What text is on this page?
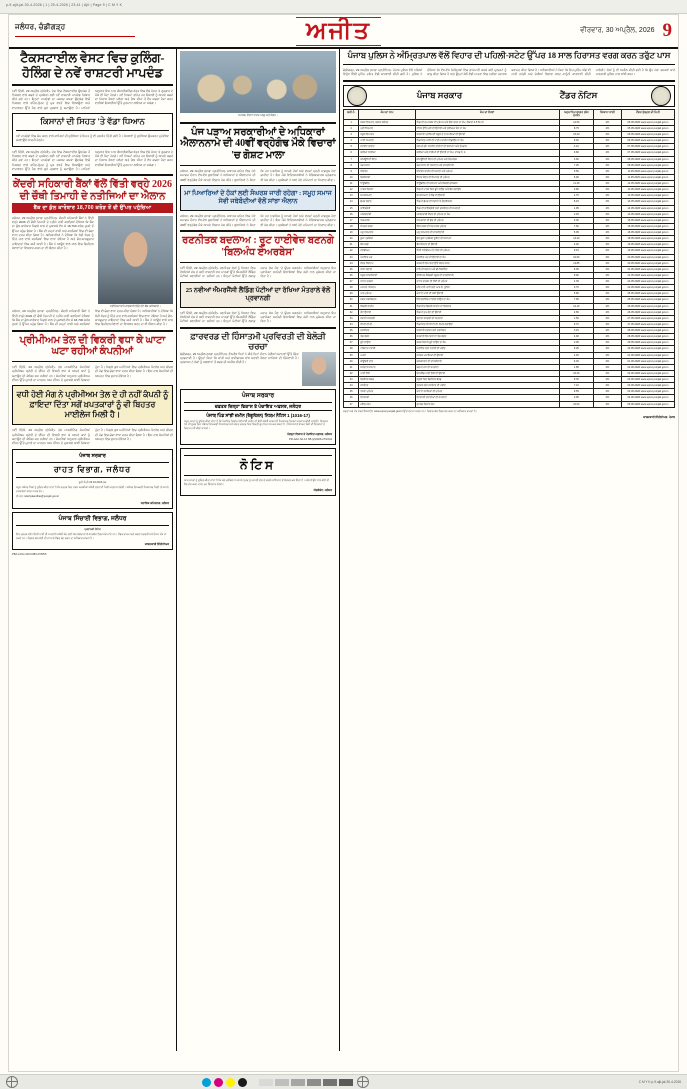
p-9-ajit-jal-30-4-2026 | 1 | 29-4-2026 | 23:41 | Ajit | Page 9 | C M Y K
ਜਲੰਧਰ, ਚੰਡੀਗੜ੍ਹ	ਅਜੀਤ	ਵੀਰਵਾਰ, 30 ਅਪ੍ਰੈਲ, 2026 9
ਟੈਕਸਟਾਈਲ ਵੇਸਟ ਵਿਚ ਕੁਲਿੰਗ-ਹੋਲਿੰਗ ਦੇ ਨਵੇਂ ਰਾਸ਼ਟਰੀ ਮਾਪਦੰਡ
ਨਵੀਂ ਦਿੱਲੀ, 29 ਅਪ੍ਰੈਲ (ਏਜੰਸੀ)- ਦੇਸ਼ ਵਿਚ ਟੈਕਸਟਾਈਲ ਉਦਯੋਗ ਤੋਂ ਨਿਕਲਣ ਵਾਲੇ ਕਚਰੇ ਦੇ ਪ੍ਰਬੰਧਨ ਲਈ ਨਵੇਂ ਰਾਸ਼ਟਰੀ ਮਾਪਦੰਡ ਤਿਆਰ ਕੀਤੇ ਗਏ ਹਨ। ਇਨ੍ਹਾਂ ਮਾਪਦੰਡਾਂ ਦਾ ਮਕਸਦ ਕਪੜਾ ਉਦਯੋਗ ਵਿਚੋਂ ਨਿਕਲਣ ਵਾਲੇ ਰਹਿੰਦ-ਖੂੰਹਦ ਨੂੰ ਮੁੜ ਵਰਤੋਂ ਵਿਚ ਲਿਆਉਣਾ ਅਤੇ ਵਾਤਾਵਰਨ ਉੱਤੇ ਪੈਣ ਵਾਲੇ ਬੁਰੇ ਪ੍ਰਭਾਵ ਨੂੰ ਘਟਾਉਣਾ ਹੈ। ਮਾਹਿਰਾਂ ਅਨੁਸਾਰ ਇਸ ਨਾਲ ਰੀਸਾਈਕਲਿੰਗ ਖੇਤਰ ਵਿਚ ਵੱਡੇ ਪੱਧਰ 'ਤੇ ਰੁਜ਼ਗਾਰ ਦੇ ਮੌਕੇ ਵੀ ਪੈਦਾ ਹੋਣਗੇ। ਨਵੇਂ ਨਿਯਮਾਂ ਤਹਿਤ ਹਰ ਇਕਾਈ ਨੂੰ ਆਪਣੇ ਕਚਰੇ ਦਾ ਹਿਸਾਬ ਰੱਖਣਾ ਪਵੇਗਾ ਅਤੇ ਤੈਅ ਸੀਮਾ ਤੋਂ ਵੱਧ ਕਚਰਾ ਪੈਦਾ ਕਰਨ ਵਾਲੀਆਂ ਇਕਾਈਆਂ ਉੱਤੇ ਜੁਰਮਾਨਾ ਲਾਇਆ ਜਾ ਸਕੇਗਾ।
ਕਿਸਾਨਾਂ ਦੀ ਸਿਹਤ 'ਤੇ ਵੱਡਾ ਧਿਆਨ
ਨਵੇਂ ਮਾਪਦੰਡਾਂ ਵਿਚ ਕੰਮ ਕਰਨ ਵਾਲੇ ਕਾਮਿਆਂ ਦੀ ਸੁਰੱਖਿਆ ਤੇ ਸਿਹਤ ਨੂੰ ਵੀ ਤਰਜੀਹ ਦਿੱਤੀ ਗਈ ਹੈ। ਸੰਸਥਾਵਾਂ ਨੂੰ ਸੁਰੱਖਿਆ ਉਪਕਰਨ ਮੁਹੱਈਆ ਕਰਵਾਉਣੇ ਲਾਜ਼ਮੀ ਹੋਣਗੇ।
ਨਵੀਂ ਦਿੱਲੀ, 29 ਅਪ੍ਰੈਲ (ਏਜੰਸੀ)- ਦੇਸ਼ ਵਿਚ ਟੈਕਸਟਾਈਲ ਉਦਯੋਗ ਤੋਂ ਨਿਕਲਣ ਵਾਲੇ ਕਚਰੇ ਦੇ ਪ੍ਰਬੰਧਨ ਲਈ ਨਵੇਂ ਰਾਸ਼ਟਰੀ ਮਾਪਦੰਡ ਤਿਆਰ ਕੀਤੇ ਗਏ ਹਨ। ਇਨ੍ਹਾਂ ਮਾਪਦੰਡਾਂ ਦਾ ਮਕਸਦ ਕਪੜਾ ਉਦਯੋਗ ਵਿਚੋਂ ਨਿਕਲਣ ਵਾਲੇ ਰਹਿੰਦ-ਖੂੰਹਦ ਨੂੰ ਮੁੜ ਵਰਤੋਂ ਵਿਚ ਲਿਆਉਣਾ ਅਤੇ ਵਾਤਾਵਰਨ ਉੱਤੇ ਪੈਣ ਵਾਲੇ ਬੁਰੇ ਪ੍ਰਭਾਵ ਨੂੰ ਘਟਾਉਣਾ ਹੈ। ਮਾਹਿਰਾਂ ਅਨੁਸਾਰ ਇਸ ਨਾਲ ਰੀਸਾਈਕਲਿੰਗ ਖੇਤਰ ਵਿਚ ਵੱਡੇ ਪੱਧਰ 'ਤੇ ਰੁਜ਼ਗਾਰ ਦੇ ਮੌਕੇ ਵੀ ਪੈਦਾ ਹੋਣਗੇ। ਨਵੇਂ ਨਿਯਮਾਂ ਤਹਿਤ ਹਰ ਇਕਾਈ ਨੂੰ ਆਪਣੇ ਕਚਰੇ ਦਾ ਹਿਸਾਬ ਰੱਖਣਾ ਪਵੇਗਾ ਅਤੇ ਤੈਅ ਸੀਮਾ ਤੋਂ ਵੱਧ ਕਚਰਾ ਪੈਦਾ ਕਰਨ ਵਾਲੀਆਂ ਇਕਾਈਆਂ ਉੱਤੇ ਜੁਰਮਾਨਾ ਲਾਇਆ ਜਾ ਸਕੇਗਾ।
ਕੇਂਦਰੀ ਸਹਿਕਾਰੀ ਬੈਂਕਾਂ ਵੱਲੋਂ ਵਿੱਤੀ ਵਰ੍ਹੇ 2026 ਦੀ ਚੌਥੀ ਤਿਮਾਹੀ ਦੇ ਨਤੀਜਿਆਂ ਦਾ ਐਲਾਨ
ਬੈਂਕ ਦਾ ਕੁੱਲ ਕਾਰੋਬਾਰ 18,700 ਕਰੋੜ ਤੋਂ ਵੀ ਉੱਪਰ ਪਹੁੰਚਿਆ
ਜਲੰਧਰ, 29 ਅਪ੍ਰੈਲ (ਸਾਡਾ ਪ੍ਰਤੀਨਿਧ)- ਕੇਂਦਰੀ ਸਹਿਕਾਰੀ ਬੈਂਕਾਂ ਨੇ ਵਿੱਤੀ ਵਰ੍ਹੇ 2026 ਦੀ ਚੌਥੀ ਤਿਮਾਹੀ ਦੇ ਨਤੀਜੇ ਜਾਰੀ ਕਰਦਿਆਂ ਦੱਸਿਆ ਕਿ ਬੈਂਕ ਦਾ ਕੁੱਲ ਕਾਰੋਬਾਰ ਪਿਛਲੇ ਸਾਲ ਦੇ ਮੁਕਾਬਲੇ ਵੱਧ ਕੇ 18,700 ਕਰੋੜ ਰੁਪਏ ਤੋਂ ਉੱਪਰ ਪਹੁੰਚ ਗਿਆ ਹੈ। ਬੈਂਕ ਦੀ ਜਮ੍ਹਾਂ ਰਾਸ਼ੀ ਅਤੇ ਕਰਜ਼ਿਆਂ ਵਿਚ ਵੀ ਚੰਗਾ ਵਾਧਾ ਦਰਜ ਕੀਤਾ ਗਿਆ ਹੈ। ਅਧਿਕਾਰੀਆਂ ਨੇ ਦੱਸਿਆ ਕਿ ਖੇਤੀ ਖੇਤਰ ਨੂੰ ਦਿੱਤੇ ਜਾਣ ਵਾਲੇ ਕਰਜ਼ਿਆਂ ਵਿਚ ਵਾਧਾ ਹੋਇਆ ਹੈ ਅਤੇ ਗੈਰ-ਕਾਰਗੁਜ਼ਾਰ ਜਾਇਦਾਦਾਂ ਵਿਚ ਕਮੀ ਆਈ ਹੈ। ਬੈਂਕ ਨੇ ਆਉਣ ਵਾਲੇ ਸਾਲ ਵਿਚ ਡਿਜੀਟਲ ਸੇਵਾਵਾਂ ਦਾ ਵਿਸਥਾਰ ਕਰਨ ਦਾ ਵੀ ਐਲਾਨ ਕੀਤਾ ਹੈ।
ਨਤੀਜਿਆਂ ਬਾਰੇ ਜਾਣਕਾਰੀ ਦਿੰਦੇ ਹੋਏ ਬੈਂਕ ਅਧਿਕਾਰੀ।
ਜਲੰਧਰ, 29 ਅਪ੍ਰੈਲ (ਸਾਡਾ ਪ੍ਰਤੀਨਿਧ)- ਕੇਂਦਰੀ ਸਹਿਕਾਰੀ ਬੈਂਕਾਂ ਨੇ ਵਿੱਤੀ ਵਰ੍ਹੇ 2026 ਦੀ ਚੌਥੀ ਤਿਮਾਹੀ ਦੇ ਨਤੀਜੇ ਜਾਰੀ ਕਰਦਿਆਂ ਦੱਸਿਆ ਕਿ ਬੈਂਕ ਦਾ ਕੁੱਲ ਕਾਰੋਬਾਰ ਪਿਛਲੇ ਸਾਲ ਦੇ ਮੁਕਾਬਲੇ ਵੱਧ ਕੇ 18,700 ਕਰੋੜ ਰੁਪਏ ਤੋਂ ਉੱਪਰ ਪਹੁੰਚ ਗਿਆ ਹੈ। ਬੈਂਕ ਦੀ ਜਮ੍ਹਾਂ ਰਾਸ਼ੀ ਅਤੇ ਕਰਜ਼ਿਆਂ ਵਿਚ ਵੀ ਚੰਗਾ ਵਾਧਾ ਦਰਜ ਕੀਤਾ ਗਿਆ ਹੈ। ਅਧਿਕਾਰੀਆਂ ਨੇ ਦੱਸਿਆ ਕਿ ਖੇਤੀ ਖੇਤਰ ਨੂੰ ਦਿੱਤੇ ਜਾਣ ਵਾਲੇ ਕਰਜ਼ਿਆਂ ਵਿਚ ਵਾਧਾ ਹੋਇਆ ਹੈ ਅਤੇ ਗੈਰ-ਕਾਰਗੁਜ਼ਾਰ ਜਾਇਦਾਦਾਂ ਵਿਚ ਕਮੀ ਆਈ ਹੈ। ਬੈਂਕ ਨੇ ਆਉਣ ਵਾਲੇ ਸਾਲ ਵਿਚ ਡਿਜੀਟਲ ਸੇਵਾਵਾਂ ਦਾ ਵਿਸਥਾਰ ਕਰਨ ਦਾ ਵੀ ਐਲਾਨ ਕੀਤਾ ਹੈ।
ਪ੍ਰੀਮੀਅਮ ਤੇਲ ਦੀ ਵਿਕਰੀ ਵਧਾ ਕੇ ਘਾਟਾ ਘਟਾ ਰਹੀਆਂ ਕੰਪਨੀਆਂ
ਨਵੀਂ ਦਿੱਲੀ, 29 ਅਪ੍ਰੈਲ (ਏਜੰਸੀ)- ਤੇਲ ਮਾਰਕੀਟਿੰਗ ਕੰਪਨੀਆਂ ਪ੍ਰੀਮੀਅਮ ਸ਼੍ਰੇਣੀ ਦੇ ਈਂਧਨ ਦੀ ਵਿਕਰੀ ਵਧਾ ਕੇ ਆਪਣੇ ਘਾਟੇ ਨੂੰ ਘਟਾਉਣ ਦੀ ਕੋਸ਼ਿਸ਼ ਕਰ ਰਹੀਆਂ ਹਨ। ਕੰਪਨੀਆਂ ਅਨੁਸਾਰ ਪ੍ਰੀਮੀਅਮ ਈਂਧਨ ਉੱਤੇ ਮੁਨਾਫ਼ੇ ਦਾ ਮਾਰਜਨ ਆਮ ਈਂਧਨ ਦੇ ਮੁਕਾਬਲੇ ਕਾਫੀ ਜ਼ਿਆਦਾ ਹੁੰਦਾ ਹੈ। ਪਿਛਲੇ ਕੁਝ ਮਹੀਨਿਆਂ ਵਿਚ ਪ੍ਰੀਮੀਅਮ ਪੈਟਰੋਲ ਅਤੇ ਡੀਜ਼ਲ ਦੀ ਮੰਗ ਵਿਚ ਚੰਗਾ ਵਾਧਾ ਦਰਜ ਕੀਤਾ ਗਿਆ ਹੈ। ਇਸ ਨਾਲ ਕੰਪਨੀਆਂ ਦੀ ਆਮਦਨ ਵਿਚ ਸੁਧਾਰ ਹੋਇਆ ਹੈ।
ਵਧੀ ਹੋਈ ਮੰਗ ਨੇ ਪ੍ਰੀਮੀਅਮ ਤੇਲ ਦੇ ਹੀ ਨਹੀਂ ਕੰਪਨੀ ਨੂੰ ਫ਼ਾਇਦਾ ਦਿੱਤਾ ਸਗੋਂ ਖ਼ਪਤਕਾਰਾਂ ਨੂੰ ਵੀ ਬਿਹਤਰ ਮਾਈਲੇਜ ਮਿਲੀ ਹੈ।
ਨਵੀਂ ਦਿੱਲੀ, 29 ਅਪ੍ਰੈਲ (ਏਜੰਸੀ)- ਤੇਲ ਮਾਰਕੀਟਿੰਗ ਕੰਪਨੀਆਂ ਪ੍ਰੀਮੀਅਮ ਸ਼੍ਰੇਣੀ ਦੇ ਈਂਧਨ ਦੀ ਵਿਕਰੀ ਵਧਾ ਕੇ ਆਪਣੇ ਘਾਟੇ ਨੂੰ ਘਟਾਉਣ ਦੀ ਕੋਸ਼ਿਸ਼ ਕਰ ਰਹੀਆਂ ਹਨ। ਕੰਪਨੀਆਂ ਅਨੁਸਾਰ ਪ੍ਰੀਮੀਅਮ ਈਂਧਨ ਉੱਤੇ ਮੁਨਾਫ਼ੇ ਦਾ ਮਾਰਜਨ ਆਮ ਈਂਧਨ ਦੇ ਮੁਕਾਬਲੇ ਕਾਫੀ ਜ਼ਿਆਦਾ ਹੁੰਦਾ ਹੈ। ਪਿਛਲੇ ਕੁਝ ਮਹੀਨਿਆਂ ਵਿਚ ਪ੍ਰੀਮੀਅਮ ਪੈਟਰੋਲ ਅਤੇ ਡੀਜ਼ਲ ਦੀ ਮੰਗ ਵਿਚ ਚੰਗਾ ਵਾਧਾ ਦਰਜ ਕੀਤਾ ਗਿਆ ਹੈ। ਇਸ ਨਾਲ ਕੰਪਨੀਆਂ ਦੀ ਆਮਦਨ ਵਿਚ ਸੁਧਾਰ ਹੋਇਆ ਹੈ।
ਪੰਜਾਬ ਸਰਕਾਰ
ਰਾਹਤ ਵਿਭਾਗ, ਜਲੰਧਰ
ਸੂਚੀ ਮਿਤੀ 29.04.2026 ਤੱਕ
ਸਮੂਹ ਸਬੰਧਤ ਧਿਰਾਂ ਨੂੰ ਸੂਚਿਤ ਕੀਤਾ ਜਾਂਦਾ ਹੈ ਕਿ ਦਫ਼ਤਰ ਵਿਚ ਦਰਜ ਅਰਜ਼ੀਆਂ ਸਬੰਧੀ ਸੁਣਵਾਈ ਮਿਤੀ ਅਨੁਸਾਰ ਹੋਵੇਗੀ। ਸਬੰਧਤ ਵਿਅਕਤੀ ਨਿਰਧਾਰਤ ਮਿਤੀ 'ਤੇ ਆਪਣੇ ਦਸਤਾਵੇਜ਼ਾਂ ਸਮੇਤ ਹਾਜ਼ਰ ਹੋਣ।
ਈ-ਮੇਲ: relief.jalandhar@punjab.gov.in
ਸਹਾਇਕ ਕਮਿਸ਼ਨਰ, ਜਲੰਧਰ
ਪੰਜਾਬ ਸਿੰਚਾਈ ਵਿਭਾਗ, ਜਲੰਧਰ
ਪ੍ਰਵਾਨਗੀ ਨੋਟਿਸ
ਇਸ ਦਫ਼ਤਰ ਵੱਲੋਂ ਨਹਿਰੀ ਪਾਣੀ ਦੀ ਸਪਲਾਈ ਸਬੰਧੀ ਕੰਮ ਲਈ ਯੋਗ ਠੇਕੇਦਾਰਾਂ ਤੋਂ ਮੋਹਰਬੰਦ ਟੈਂਡਰ ਮੰਗੇ ਜਾਂਦੇ ਹਨ। ਟੈਂਡਰ ਫਾਰਮ ਅਤੇ ਸ਼ਰਤਾਂ ਦਫ਼ਤਰੀ ਸਮੇਂ ਦੌਰਾਨ ਵੇਖੇ ਜਾ ਸਕਦੇ ਹਨ। ਵਿਭਾਗ ਕੋਲ ਕੋਈ ਵੀ ਜਾਂ ਸਾਰੇ ਟੈਂਡਰ ਰੱਦ ਕਰਨ ਦਾ ਅਧਿਕਾਰ ਰਾਖਵਾਂ ਹੈ।
ਕਾਰਜਕਾਰੀ ਇੰਜੀਨੀਅਰ
PBA nd.No.304 D383-27/8/5S
ਸਮਾਗਮ ਦੌਰਾਨ ਹਾਜ਼ਰ ਆਗੂ ਅਤੇ ਸੰਗਤ।
ਪੰਜ ਪੜਾਅ ਸਰਕਾਰੀਆਂ ਦੇ ਅਧਿਕਾਰਾਂ ਐਲਾਨਨਾਮੇ ਦੀ 40ਵੀਂ ਵਰ੍ਹੇਗੰਢ ਮੌਕੇ ਵਿਚਾਰਾਂ 'ਚ ਗੋਸ਼ਟ ਮਾਲਾ
ਜਲੰਧਰ, 29 ਅਪ੍ਰੈਲ (ਸਾਡਾ ਪ੍ਰਤੀਨਿਧ)- ਸਥਾਨਕ ਸ਼ਹਿਰ ਵਿਚ ਹੋਏ ਸਮਾਗਮ ਦੌਰਾਨ ਵੱਖ-ਵੱਖ ਬੁਲਾਰਿਆਂ ਨੇ ਅਧਿਕਾਰਾਂ ਦੇ ਐਲਾਨਨਾਮੇ ਦੀ 40ਵੀਂ ਵਰ੍ਹੇਗੰਢ ਮੌਕੇ ਆਪਣੇ ਵਿਚਾਰ ਪੇਸ਼ ਕੀਤੇ। ਬੁਲਾਰਿਆਂ ਨੇ ਕਿਹਾ ਕਿ ਹਰ ਨਾਗਰਿਕ ਨੂੰ ਆਪਣੇ ਹੱਕਾਂ ਅਤੇ ਫ਼ਰਜ਼ਾਂ ਪ੍ਰਤੀ ਜਾਗਰੂਕ ਹੋਣਾ ਚਾਹੀਦਾ ਹੈ। ਇਸ ਮੌਕੇ ਵਿਦਿਆਰਥੀਆਂ ਨੇ ਸੱਭਿਆਚਾਰਕ ਪ੍ਰੋਗਰਾਮ ਵੀ ਪੇਸ਼ ਕੀਤਾ। ਪ੍ਰਬੰਧਕਾਂ ਨੇ ਆਏ ਹੋਏ ਮਹਿਮਾਨਾਂ ਦਾ ਧੰਨਵਾਦ ਕੀਤਾ।
ਮਾ ਪਿਆਰਿਆਂ ਦੇ ਹੱਕਾਂ ਲਈ ਸੰਘਰਸ਼ ਜਾਰੀ ਰਹੇਗਾ : ਸਮੂਹ ਸਮਾਜ ਸੇਵੀ ਜਥੇਬੰਦੀਆਂ ਵੱਲੋਂ ਸਾਂਝਾ ਐਲਾਨ
ਜਲੰਧਰ, 29 ਅਪ੍ਰੈਲ (ਸਾਡਾ ਪ੍ਰਤੀਨਿਧ)- ਸਥਾਨਕ ਸ਼ਹਿਰ ਵਿਚ ਹੋਏ ਸਮਾਗਮ ਦੌਰਾਨ ਵੱਖ-ਵੱਖ ਬੁਲਾਰਿਆਂ ਨੇ ਅਧਿਕਾਰਾਂ ਦੇ ਐਲਾਨਨਾਮੇ ਦੀ 40ਵੀਂ ਵਰ੍ਹੇਗੰਢ ਮੌਕੇ ਆਪਣੇ ਵਿਚਾਰ ਪੇਸ਼ ਕੀਤੇ। ਬੁਲਾਰਿਆਂ ਨੇ ਕਿਹਾ ਕਿ ਹਰ ਨਾਗਰਿਕ ਨੂੰ ਆਪਣੇ ਹੱਕਾਂ ਅਤੇ ਫ਼ਰਜ਼ਾਂ ਪ੍ਰਤੀ ਜਾਗਰੂਕ ਹੋਣਾ ਚਾਹੀਦਾ ਹੈ। ਇਸ ਮੌਕੇ ਵਿਦਿਆਰਥੀਆਂ ਨੇ ਸੱਭਿਆਚਾਰਕ ਪ੍ਰੋਗਰਾਮ ਵੀ ਪੇਸ਼ ਕੀਤਾ। ਪ੍ਰਬੰਧਕਾਂ ਨੇ ਆਏ ਹੋਏ ਮਹਿਮਾਨਾਂ ਦਾ ਧੰਨਵਾਦ ਕੀਤਾ।
ਰਣਨੀਤਕ ਬਦਲਾਅ : ਰੂਟ ਹਾਈਵੇਜ਼ ਬਣਨਗੇ 'ਬਿਲਅੰਧ ਏਅਰਬੇਸ'
ਨਵੀਂ ਦਿੱਲੀ, 29 ਅਪ੍ਰੈਲ (ਏਜੰਸੀ)- ਰਣਨੀਤਕ ਲੋੜਾਂ ਨੂੰ ਧਿਆਨ ਵਿਚ ਰੱਖਦਿਆਂ ਦੇਸ਼ ਦੇ ਕਈ ਰਾਸ਼ਟਰੀ ਰਾਜ ਮਾਰਗਾਂ ਉੱਤੇ ਐਮਰਜੈਂਸੀ ਲੈਂਡਿੰਗ ਪੱਟੀਆਂ ਬਣਾਈਆਂ ਜਾ ਰਹੀਆਂ ਹਨ। ਇਨ੍ਹਾਂ ਪੱਟੀਆਂ ਉੱਤੇ ਲੜਾਕੂ ਜਹਾਜ਼ ਲੋੜ ਪੈਣ 'ਤੇ ਉਤਰ ਸਕਣਗੇ। ਅਧਿਕਾਰੀਆਂ ਅਨੁਸਾਰ ਇਹ ਪ੍ਰਾਜੈਕਟ ਸਰਹੱਦੀ ਇਲਾਕਿਆਂ ਵਿਚ ਤੇਜ਼ੀ ਨਾਲ ਮੁਕੰਮਲ ਕੀਤਾ ਜਾ ਰਿਹਾ ਹੈ।
25 ਨਵੀਆਂ ਐਮਰਜੈਂਸੀ ਲੈਂਡਿੰਗ ਪੱਟੀਆਂ ਦਾ ਰੱਖਿਆ ਮੰਤਰਾਲੇ ਵੱਲੋਂ ਪ੍ਰਵਾਨਗੀ
ਨਵੀਂ ਦਿੱਲੀ, 29 ਅਪ੍ਰੈਲ (ਏਜੰਸੀ)- ਰਣਨੀਤਕ ਲੋੜਾਂ ਨੂੰ ਧਿਆਨ ਵਿਚ ਰੱਖਦਿਆਂ ਦੇਸ਼ ਦੇ ਕਈ ਰਾਸ਼ਟਰੀ ਰਾਜ ਮਾਰਗਾਂ ਉੱਤੇ ਐਮਰਜੈਂਸੀ ਲੈਂਡਿੰਗ ਪੱਟੀਆਂ ਬਣਾਈਆਂ ਜਾ ਰਹੀਆਂ ਹਨ। ਇਨ੍ਹਾਂ ਪੱਟੀਆਂ ਉੱਤੇ ਲੜਾਕੂ ਜਹਾਜ਼ ਲੋੜ ਪੈਣ 'ਤੇ ਉਤਰ ਸਕਣਗੇ। ਅਧਿਕਾਰੀਆਂ ਅਨੁਸਾਰ ਇਹ ਪ੍ਰਾਜੈਕਟ ਸਰਹੱਦੀ ਇਲਾਕਿਆਂ ਵਿਚ ਤੇਜ਼ੀ ਨਾਲ ਮੁਕੰਮਲ ਕੀਤਾ ਜਾ ਰਿਹਾ ਹੈ।
ਫ਼ਾਰਵਰਡ ਦੀ ਹਿੰਸਾਤਮੀ ਪ੍ਰਵਿਰਤੀ ਦੀ ਬੇਲੋੜੀ ਚਰਚਾ
ਚੰਡੀਗੜ੍ਹ, 29 ਅਪ੍ਰੈਲ (ਸਾਡਾ ਪ੍ਰਤੀਨਿਧ)- ਵੱਖ-ਵੱਖ ਧਿਰਾਂ ਨੇ ਬੀਤੇ ਦਿਨਾਂ ਦੌਰਾਨ ਹੋਈਆਂ ਘਟਨਾਵਾਂ ਉੱਤੇ ਚਿੰਤਾ ਪ੍ਰਗਟਾਈ ਹੈ। ਉਨ੍ਹਾਂ ਕਿਹਾ ਕਿ ਸ਼ਾਂਤੀ ਅਤੇ ਭਾਈਚਾਰਕ ਸਾਂਝ ਬਣਾਈ ਰੱਖਣਾ ਸਾਰਿਆਂ ਦੀ ਜ਼ਿੰਮੇਵਾਰੀ ਹੈ। ਪ੍ਰਸ਼ਾਸਨ ਨੇ ਲੋਕਾਂ ਨੂੰ ਅਫ਼ਵਾਹਾਂ ਤੋਂ ਬਚਣ ਦੀ ਅਪੀਲ ਕੀਤੀ ਹੈ।
ਪੰਜਾਬ ਸਰਕਾਰ
ਦਫ਼ਤਰ ਜ਼ਿਲ੍ਹਾ ਵਿਕਾਸ ਤੇ ਪੰਚਾਇਤ ਅਫ਼ਸਰ, ਜਲੰਧਰ
ਪੰਜਾਬ ਪਿੰਡ ਸਾਂਝੀ ਜ਼ਮੀਨ (ਰੈਗੂਲੇਸ਼ਨ) ਨਿਯਮ ਨੋਟਿਸ 1 (1016-17)
ਸਮੂਹ ਜਨਤਾ ਨੂੰ ਸੂਚਿਤ ਕੀਤਾ ਜਾਂਦਾ ਹੈ ਕਿ ਪੰਚਾਇਤ ਵਿਭਾਗ ਵੱਲੋਂ ਸਾਂਝੀ ਜ਼ਮੀਨ ਦੀ ਬੋਲੀ ਸਬੰਧੀ ਕਾਰਵਾਈ ਨਿਰਧਾਰਤ ਨਿਯਮਾਂ ਅਨੁਸਾਰ ਕੀਤੀ ਜਾਵੇਗੀ। ਇਤਰਾਜ਼ ਹੋਣ ਦੀ ਸੂਰਤ ਵਿਚ ਸਬੰਧਤ ਵਿਅਕਤੀ ਨਿਰਧਾਰਤ ਸਮੇਂ ਅੰਦਰ ਦਫ਼ਤਰ ਵਿਚ ਲਿਖਤੀ ਰੂਪ ਵਿਚ ਪੇਸ਼ ਕਰ ਸਕਦਾ ਹੈ। ਮਿੱਥੇ ਸਮੇਂ ਤੋਂ ਬਾਅਦ ਕਿਸੇ ਵੀ ਇਤਰਾਜ਼ 'ਤੇ ਵਿਚਾਰ ਨਹੀਂ ਕੀਤਾ ਜਾਵੇਗਾ।
ਜ਼ਿਲ੍ਹਾ ਵਿਕਾਸ ਤੇ ਪੰਚਾਇਤ ਅਫ਼ਸਰ, ਜਲੰਧਰ
PR-Advt.No.14 SB (2)2026-27/1044
ਨੋਟਿਸ
ਆਮ ਜਨਤਾ ਨੂੰ ਸੂਚਿਤ ਕੀਤਾ ਜਾਂਦਾ ਹੈ ਕਿ ਮੇਰੇ ਮੁਵੱਕਿਲ ਨੇ ਆਪਣੇ ਪੁੱਤਰ ਨੂੰ ਆਪਣੀ ਚੱਲ ਤੇ ਅਚੱਲ ਜਾਇਦਾਦ ਤੋਂ ਬੇਦਖ਼ਲ ਕਰ ਦਿੱਤਾ ਹੈ। ਅੱਗੇ ਤੋਂ ਉਸ ਨਾਲ ਕੋਈ ਵੀ ਲੈਣ-ਦੇਣ ਕਰਨ ਵਾਲਾ ਖ਼ੁਦ ਜ਼ਿੰਮੇਵਾਰ ਹੋਵੇਗਾ।
ਐਡਵੋਕੇਟ, ਜਲੰਧਰ
ਪੰਜਾਬ ਪੁਲਿਸ ਨੇ ਅੰਮ੍ਰਿਤਪਾਲ ਵੱਲੋਂ ਵਿਹਾਰ ਦੀ ਪਹਿਲੀ-ਸਟੇਟ ਉੱਪਰ 18 ਸਾਲ ਹਿਰਾਸਤ ਵਰਗ ਕਰਨ ਤਰੁੱਟ ਪਾਸ
ਚੰਡੀਗੜ੍ਹ, 29 ਅਪ੍ਰੈਲ (ਸਾਡਾ ਪ੍ਰਤੀਨਿਧ)- ਪੰਜਾਬ ਪੁਲਿਸ ਵੱਲੋਂ ਨਸ਼ਿਆਂ ਵਿਰੁੱਧ ਵਿੱਢੀ ਮੁਹਿੰਮ ਤਹਿਤ ਵੱਡੀ ਕਾਰਵਾਈ ਕੀਤੀ ਗਈ ਹੈ। ਪੁਲਿਸ ਨੇ ਦੱਸਿਆ ਕਿ ਵੱਖ-ਵੱਖ ਜ਼ਿਲ੍ਹਿਆਂ ਵਿਚ ਛਾਪੇਮਾਰੀ ਕਰਕੇ ਕਈ ਮੁਲਜ਼ਮਾਂ ਨੂੰ ਕਾਬੂ ਕੀਤਾ ਗਿਆ ਹੈ ਅਤੇ ਉਨ੍ਹਾਂ ਕੋਲੋਂ ਵੱਡੀ ਮਾਤਰਾ ਵਿਚ ਨਸ਼ੀਲਾ ਪਦਾਰਥ ਬਰਾਮਦ ਕੀਤਾ ਗਿਆ ਹੈ। ਅਧਿਕਾਰੀਆਂ ਨੇ ਕਿਹਾ ਕਿ ਇਹ ਮੁਹਿੰਮ ਅੱਗੇ ਵੀ ਜਾਰੀ ਰਹੇਗੀ ਅਤੇ ਦੋਸ਼ੀਆਂ ਖ਼ਿਲਾਫ਼ ਸਖ਼ਤ ਕਾਨੂੰਨੀ ਕਾਰਵਾਈ ਕੀਤੀ ਜਾਵੇਗੀ। ਲੋਕਾਂ ਨੂੰ ਵੀ ਅਪੀਲ ਕੀਤੀ ਗਈ ਹੈ ਕਿ ਉਹ ਨਸ਼ਾ ਤਸਕਰਾਂ ਬਾਰੇ ਜਾਣਕਾਰੀ ਪੁਲਿਸ ਨਾਲ ਸਾਂਝੀ ਕਰਨ।
ਪੰਜਾਬ ਸਰਕਾਰ	ਟੈਂਡਰ ਨੋਟਿਸ
ਲੜੀ ਨੰ.	ਕੰਮ ਦਾ ਨਾਮ	ਕੰਮ ਦਾ ਵੇਰਵਾ	ਅਨੁਮਾਨਿਤ ਲਾਗਤ (ਲੱਖ ਰੁਪਏ)	ਬਿਆਨਾ ਰਾਸ਼ੀ	ਟੈਂਡਰ ਖੁੱਲ੍ਹਣ ਦੀ ਮਿਤੀ
1	ਸੜਕ ਨਿਰਮਾਣ, ਬਲਾਕ ਜਲੰਧਰ	ਪਿੰਡ ਦੀ ਮੁੱਖ ਸੜਕ ਦੀ ਮੁਰੰਮਤ ਅਤੇ ਚੌੜਾ ਕਰਨ ਦਾ ਕੰਮ, ਲੰਬਾਈ 2.5 ਕਿ.ਮੀ.	12.50	2%	05.05.2026 www.eproc.punjab.gov.in
2	ਪੁਲੀ ਨਿਰਮਾਣ	ਨਹਿਰ ਉੱਤੇ ਪੁਲੀ ਦੀ ਉਸਾਰੀ ਅਤੇ ਸੁਰੱਖਿਆ ਕੰਧ ਦਾ ਕੰਮ	8.75	2%	05.05.2026 www.eproc.punjab.gov.in
3	ਸਕੂਲ ਇਮਾਰਤ	ਸਰਕਾਰੀ ਪ੍ਰਾਇਮਰੀ ਸਕੂਲ ਦੇ ਦੋ ਕਮਰਿਆਂ ਦੀ ਉਸਾਰੀ	15.20	2%	06.05.2026 www.eproc.punjab.gov.in
4	ਪਾਣੀ ਸਪਲਾਈ	ਪਿੰਡ ਵਿਚ ਪਾਣੀ ਦੀ ਪਾਈਪ ਲਾਈਨ ਵਿਛਾਉਣ ਦਾ ਕੰਮ	6.40	2%	06.05.2026 www.eproc.punjab.gov.in
5	ਸਟਰੀਟ ਲਾਈਟ	ਐਲ.ਈ.ਡੀ. ਸਟਰੀਟ ਲਾਈਟਾਂ ਦੀ ਸਥਾਪਨਾ ਅਤੇ ਦੇਖਭਾਲ	4.10	2%	07.05.2026 www.eproc.punjab.gov.in
6	ਗਲੀਆਂ ਨਾਲੀਆਂ	ਗਲੀਆਂ ਅਤੇ ਨਾਲੀਆਂ ਦੀ ਉਸਾਰੀ ਦਾ ਕੰਮ, ਵਾਰਡ ਨੰ. 4	9.80	2%	07.05.2026 www.eproc.punjab.gov.in
7	ਕਮਿਊਨਿਟੀ ਸੈਂਟਰ	ਕਮਿਊਨਿਟੀ ਸੈਂਟਰ ਦੀ ਮੁਰੰਮਤ ਅਤੇ ਰੰਗ-ਰੋਗਨ	3.60	2%	08.05.2026 www.eproc.punjab.gov.in
8	ਖੇਡ ਮੈਦਾਨ	ਖੇਡ ਮੈਦਾਨ ਦੀ ਪੱਧਰਾਈ ਅਤੇ ਚਾਰਦੀਵਾਰੀ	7.25	2%	08.05.2026 www.eproc.punjab.gov.in
9	ਸੀਵਰੇਜ	ਸੀਵਰੇਜ ਲਾਈਨ ਦੀ ਸਫ਼ਾਈ ਅਤੇ ਮੁਰੰਮਤ	5.50	2%	11.05.2026 www.eproc.punjab.gov.in
10	ਡਿਸਪੈਂਸਰੀ	ਸਿਹਤ ਕੇਂਦਰ ਦੀ ਇਮਾਰਤ ਦੀ ਮੁਰੰਮਤ	6.90	2%	11.05.2026 www.eproc.punjab.gov.in
11	ਟਿਊਬਵੈੱਲ	ਟਿਊਬਵੈੱਲ ਦੀ ਸਥਾਪਨਾ ਅਤੇ ਬਿਜਲੀ ਕੁਨੈਕਸ਼ਨ	11.30	2%	12.05.2026 www.eproc.punjab.gov.in
12	ਪਾਰਕ ਵਿਕਾਸ	ਪਿੰਡ ਦੇ ਪਾਰਕ ਵਿਚ ਬੂਟੇ ਲਾਉਣ ਅਤੇ ਬੈਂਚ ਲਗਾਉਣ	2.80	2%	12.05.2026 www.eproc.punjab.gov.in
13	ਸ਼ਮਸ਼ਾਨਘਾਟ	ਸ਼ਮਸ਼ਾਨਘਾਟ ਦੇ ਸ਼ੈੱਡ ਦੀ ਉਸਾਰੀ	4.75	2%	13.05.2026 www.eproc.punjab.gov.in
14	ਛੱਪੜ ਸੁਧਾਰ	ਪਿੰਡ ਦੇ ਛੱਪੜ ਦੀ ਸਫ਼ਾਈ ਤੇ ਸੁੰਦਰੀਕਰਨ	8.15	2%	13.05.2026 www.eproc.punjab.gov.in
15	ਲਾਇਬ੍ਰੇਰੀ	ਪਿੰਡ ਦੀ ਲਾਇਬ੍ਰੇਰੀ ਲਈ ਫਰਨੀਚਰ ਦੀ ਸਪਲਾਈ	1.95	2%	14.05.2026 www.eproc.punjab.gov.in
16	ਆਂਗਣਵਾੜੀ	ਆਂਗਣਵਾੜੀ ਕੇਂਦਰ ਦੀ ਮੁਰੰਮਤ ਦਾ ਕੰਮ	2.45	2%	14.05.2026 www.eproc.punjab.gov.in
17	ਧਰਮਸ਼ਾਲਾ	ਧਰਮਸ਼ਾਲਾ ਦੀ ਛੱਤ ਦੀ ਮੁਰੰਮਤ	3.30	2%	15.05.2026 www.eproc.punjab.gov.in
18	ਸੰਪਰਕ ਸੜਕ	ਲਿੰਕ ਸੜਕ ਦੀ ਪੈਚ ਵਰਕ ਮੁਰੰਮਤ	7.60	2%	15.05.2026 www.eproc.punjab.gov.in
19	ਪਸ਼ੂ ਹਸਪਤਾਲ	ਪਸ਼ੂ ਹਸਪਤਾਲ ਦੀ ਚਾਰਦੀਵਾਰੀ	5.05	2%	18.05.2026 www.eproc.punjab.gov.in
20	ਕੂੜਾ ਪ੍ਰਬੰਧਨ	ਠੋਸ ਕੂੜਾ ਪ੍ਰਬੰਧਨ ਯੂਨਿਟ ਦੀ ਸਥਾਪਨਾ	13.40	2%	18.05.2026 www.eproc.punjab.gov.in
21	ਬੱਸ ਅੱਡਾ	ਬੱਸ ਸ਼ੈਲਟਰ ਦੀ ਉਸਾਰੀ	2.20	2%	19.05.2026 www.eproc.punjab.gov.in
22	ਸਟੇਡੀਅਮ	ਮਿੰਨੀ ਸਟੇਡੀਅਮ ਦੇ ਟਰੈਕ ਦੀ ਮੁਰੰਮਤ	9.15	2%	19.05.2026 www.eproc.punjab.gov.in
23	ਪੰਚਾਇਤ ਘਰ	ਪੰਚਾਇਤ ਘਰ ਦੀ ਉਸਾਰੀ ਦਾ ਕੰਮ	10.60	2%	20.05.2026 www.eproc.punjab.gov.in
24	ਸੋਲਰ ਸਿਸਟਮ	ਸਰਕਾਰੀ ਇਮਾਰਤਾਂ ਉੱਤੇ ਸੋਲਰ ਪੈਨਲ	14.85	2%	20.05.2026 www.eproc.punjab.gov.in
25	ਨਾਲਾ ਸਫ਼ਾਈ	ਨਾਲੇ ਦੀ ਸਫ਼ਾਈ ਅਤੇ ਡੀ-ਸਿਲਟਿੰਗ	6.05	2%	21.05.2026 www.eproc.punjab.gov.in
26	ਸਕੂਲ ਚਾਰਦੀਵਾਰੀ	ਸੀਨੀਅਰ ਸੈਕੰਡਰੀ ਸਕੂਲ ਦੀ ਚਾਰਦੀਵਾਰੀ	8.90	2%	21.05.2026 www.eproc.punjab.gov.in
27	ਵਾਟਰ ਵਰਕਸ	ਵਾਟਰ ਵਰਕਸ ਦੀ ਟੈਂਕੀ ਦੀ ਮੁਰੰਮਤ	4.35	2%	22.05.2026 www.eproc.punjab.gov.in
28	ਆਰ.ਓ. ਸਿਸਟਮ	ਪੀਣ ਵਾਲੇ ਪਾਣੀ ਲਈ ਆਰ.ਓ. ਯੂਨਿਟ	3.75	2%	22.05.2026 www.eproc.punjab.gov.in
29	ਖਾਲ ਮੁਰੰਮਤ	ਖੇਤਾਂ ਦੇ ਖਾਲਾਂ ਦੀ ਪੱਕੀ ਉਸਾਰੀ	5.80	2%	25.05.2026 www.eproc.punjab.gov.in
30	ਸੜਕ ਪੱਥਰੀਕਰਨ	ਇੰਟਰਲਾਕਿੰਗ ਟਾਈਲਾਂ ਲਾਉਣ ਦਾ ਕੰਮ	7.95	2%	25.05.2026 www.eproc.punjab.gov.in
31	ਬਿਜਲੀ ਲਾਈਨ	ਪਿੰਡ ਵਿਚ ਬਿਜਲੀ ਲਾਈਨ ਦਾ ਵਿਸਥਾਰ	12.10	2%	26.05.2026 www.eproc.punjab.gov.in
32	ਗੇਟ ਉਸਾਰੀ	ਪਿੰਡ ਦੇ ਮੁੱਖ ਗੇਟ ਦੀ ਉਸਾਰੀ	2.65	2%	26.05.2026 www.eproc.punjab.gov.in
33	ਸਫ਼ਾਈ ਸਮੱਗਰੀ	ਸਫ਼ਾਈ ਸਮੱਗਰੀ ਦੀ ਸਪਲਾਈ	1.50	2%	27.05.2026 www.eproc.punjab.gov.in
34	ਸੀ.ਸੀ.ਟੀ.ਵੀ.	ਪਿੰਡ ਵਿਚ ਸੀ.ਸੀ.ਟੀ.ਵੀ. ਕੈਮਰੇ ਲਗਾਉਣਾ	6.70	2%	27.05.2026 www.eproc.punjab.gov.in
35	ਫ਼ਰਨੀਚਰ	ਸਰਕਾਰੀ ਦਫ਼ਤਰ ਲਈ ਫ਼ਰਨੀਚਰ	3.15	2%	28.05.2026 www.eproc.punjab.gov.in
36	ਰੰਗ-ਰੋਗਨ	ਸਰਕਾਰੀ ਇਮਾਰਤਾਂ ਦਾ ਰੰਗ-ਰੋਗਨ	4.90	2%	28.05.2026 www.eproc.punjab.gov.in
37	ਬੂਟੇ ਲਾਉਣਾ	ਸੜਕ ਕਿਨਾਰੇ ਬੂਟੇ ਲਾਉਣ ਦਾ ਕੰਮ	2.05	2%	29.05.2026 www.eproc.punjab.gov.in
38	ਟਰੈਕਟਰ ਟਰਾਲੀ	ਪੰਚਾਇਤ ਲਈ ਟਰਾਲੀ ਦੀ ਖ਼ਰੀਦ	5.25	2%	29.05.2026 www.eproc.punjab.gov.in
39	ਪਖਾਨੇ	ਜਨਤਕ ਪਖਾਨਿਆਂ ਦੀ ਉਸਾਰੀ	4.45	2%	01.06.2026 www.eproc.punjab.gov.in
40	ਬਾਊਂਡਰੀ ਵਾਲ	ਕਬਰਸਤਾਨ ਦੀ ਚਾਰਦੀਵਾਰੀ	6.30	2%	01.06.2026 www.eproc.punjab.gov.in
41	ਸਪੋਰਟਸ ਸਾਮਾਨ	ਖੇਡ ਸਾਮਾਨ ਦੀ ਸਪਲਾਈ	1.85	2%	02.06.2026 www.eproc.punjab.gov.in
42	ਪਾਣੀ ਟੈਂਕੀ	ਓਵਰਹੈੱਡ ਪਾਣੀ ਟੈਂਕੀ ਦੀ ਉਸਾਰੀ	16.40	2%	02.06.2026 www.eproc.punjab.gov.in
43	ਡਿਜੀਟਲ ਬੋਰਡ	ਸਕੂਲਾਂ ਵਿਚ ਡਿਜੀਟਲ ਬੋਰਡ	8.35	2%	03.06.2026 www.eproc.punjab.gov.in
44	ਜਨਰੇਟਰ	ਦਫ਼ਤਰ ਲਈ ਜਨਰੇਟਰ ਦੀ ਖ਼ਰੀਦ	7.10	2%	03.06.2026 www.eproc.punjab.gov.in
45	ਰਸਤਾ ਮੁਰੰਮਤ	ਖੇਤਾਂ ਦੇ ਰਸਤਿਆਂ ਦੀ ਮੁਰੰਮਤ	9.55	2%	04.06.2026 www.eproc.punjab.gov.in
46	ਵੈਟਰਨਰੀ	ਵੈਟਰਨਰੀ ਦਵਾਈਆਂ ਦੀ ਸਪਲਾਈ	2.95	2%	04.06.2026 www.eproc.punjab.gov.in
47	ਅੰਤਿਮ ਕੰਮ	ਫੁਟਕਲ ਵਿਕਾਸ ਕੰਮ	10.00	2%	05.06.2026 www.eproc.punjab.gov.in
ਸ਼ਰਤਾਂ ਅਤੇ ਹੋਰ ਵੇਰਵੇ ਵੈੱਬਸਾਈਟ www.eproc.punjab.gov.in ਉੱਤੇ ਵੇਖੇ ਜਾ ਸਕਦੇ ਹਨ। ਵਿਭਾਗ ਕੋਲ ਟੈਂਡਰ ਰੱਦ ਕਰਨ ਦਾ ਅਧਿਕਾਰ ਰਾਖਵਾਂ ਹੈ।
ਕਾਰਜਕਾਰੀ ਇੰਜੀਨੀਅਰ, ਪੰਜਾਬ
C M Y K p-9-ajit-jal-30-4-2026
